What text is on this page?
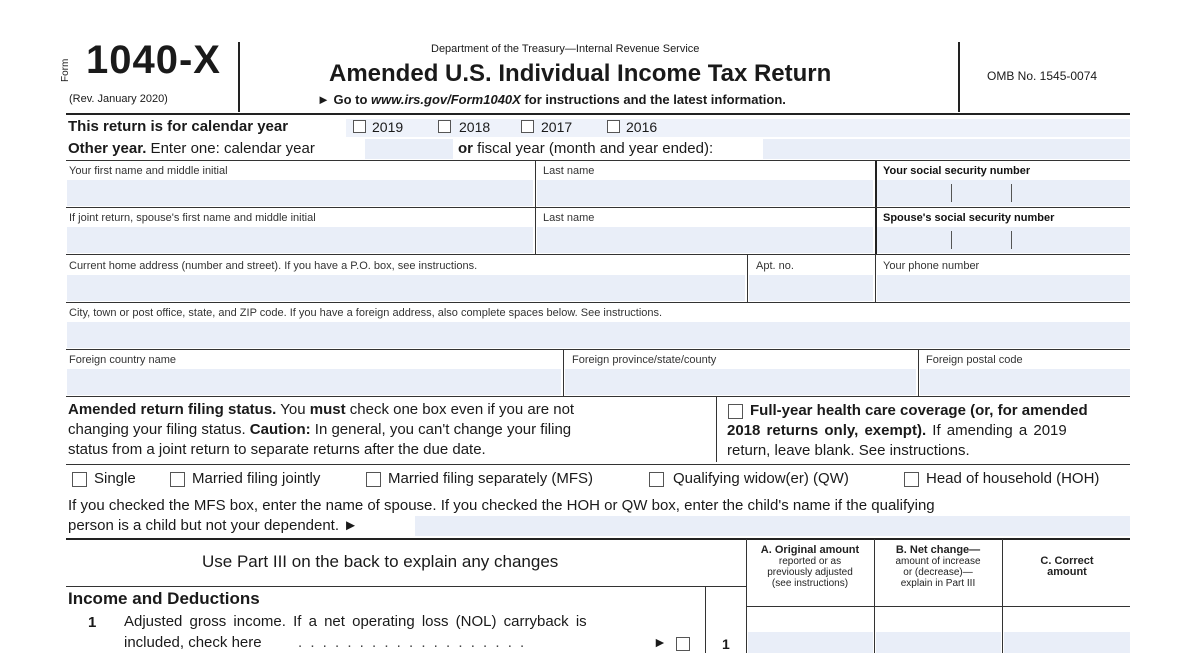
Form 1040-X
(Rev. January 2020)
Department of the Treasury—Internal Revenue Service
Amended U.S. Individual Income Tax Return
► Go to www.irs.gov/Form1040X for instructions and the latest information.
OMB No. 1545-0074
This return is for calendar year	2019	2018	2017	2016
Other year. Enter one: calendar year	or fiscal year (month and year ended):
Your first name and middle initial	Last name	Your social security number
If joint return, spouse's first name and middle initial	Last name	Spouse's social security number
Current home address (number and street). If you have a P.O. box, see instructions.	Apt. no.	Your phone number
City, town or post office, state, and ZIP code. If you have a foreign address, also complete spaces below. See instructions.
Foreign country name	Foreign province/state/county	Foreign postal code
Amended return filing status. You must check one box even if you are not
changing your filing status. Caution: In general, you can't change your filing
status from a joint return to separate returns after the due date.
Full-year health care coverage (or, for amended
2018 returns only, exempt). If amending a 2019
return, leave blank. See instructions.
Single	Married filing jointly	Married filing separately (MFS)	Qualifying widow(er) (QW)	Head of household (HOH)
If you checked the MFS box, enter the name of spouse. If you checked the HOH or QW box, enter the child's name if the qualifying
person is a child but not your dependent. ►
Use Part III on the back to explain any changes
A. Original amount
reported or as
previously adjusted
(see instructions)
B. Net change—
amount of increase
or (decrease)—
explain in Part III
C. Correct
amount
Income and Deductions
1 Adjusted gross income. If a net operating loss (NOL) carryback is
included, check here . . . . . . . . . . . . . . . . . . .	►	1
